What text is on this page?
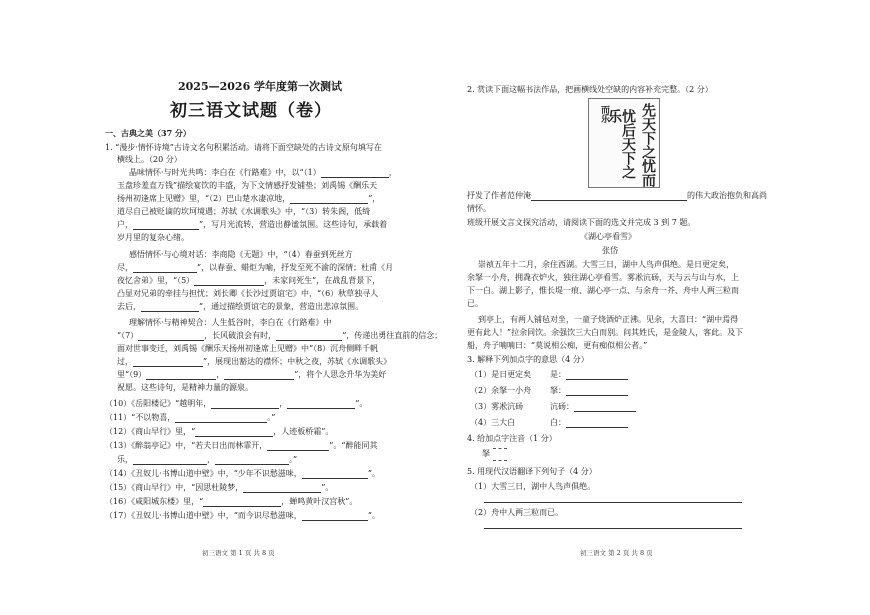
2025—2026 学年度第一次测试
初三语文试题（卷）
一、古典之美（37 分）
1. “漫步·情怀诗境”古诗文名句积累活动。请将下面空缺处的古诗文原句填写在
横线上。（20 分）
晶味情怀·与时光共鸣：李白在《行路难》中，以“（1）	，
玉盘珍羞直万钱”描绘宴饮的丰盛，为下文情感抒发铺垫；刘禹锡《酬乐天
扬州初逢席上见赠》里，“（2）巴山楚水凄凉地，	”，
道尽自己被贬谪的坎坷境遇；苏轼《水调歌头》中，“（3）转朱阁，低绮
户，	”，写月光流转，营造出静谧氛围。这些诗句，承载着
岁月里的复杂心绪。
感悟情怀·与心境对话：李商隐《无题》中，“（4）春蚕到死丝方
尽，	”，以春蚕、蜡炬为喻，抒发至死不渝的深情；杜甫《月
夜忆舍弟》里，“（5）	，未家问死生”，在战乱背景下，
凸显对兄弟的牵挂与担忧；刘长卿《长沙过贾谊宅》中，“（6）秋草独寻人
去后，	”，通过描绘贾谊宅的景象，营造出悲凉氛围。
理解情怀·与精神契合：人生低谷时，李白在《行路难》中
“（7）	，长风破浪会有时，	”，传递出勇往直前的信念；
面对世事变迁，刘禹锡《酬乐天扬州初逢席上见赠》中“（8）沉舟侧畔千帆
过，	”，展现出豁达的襟怀；中秋之夜，苏轼《水调歌头》
里“（9）	，	”，将个人思念升华为美好
祝愿。这些诗句，是精神力量的源泉。
（10）《岳阳楼记》“越明年，	，	”。
（11）“不以物喜，	。”
（12）《商山早行》里，“	，人迹板桥霜”。
（13）《醉翁亭记》中，“若夫日出而林霏开，	”。“醉能同其
乐，	，	。”
（14）《丑奴儿·书博山道中壁》中，“少年不识愁滋味，	”。
（15）《商山早行》中，“因思杜陵梦，	”。
（16）《咸阳城东楼》里，“	，蝉鸣黄叶汉宫秋”。
（17）《丑奴儿·书博山道中壁》中，“而今识尽愁滋味，	”。
初三语文 第 1 页 共 8 页
2. 赏读下面这幅书法作品，把画横线处空缺的内容补充完整。（2 分）
先天下之忧而
忧后天下之乐
而乐
抒发了作者范仲淹	的伟大政治抱负和高尚
情怀。
班级开展文言文探究活动，请阅读下面的选文并完成 3 到 7 题。
《湖心亭看雪》
张岱
崇祯五年十二月，余住西湖。大雪三日，湖中人鸟声俱绝。是日更定矣，
余拏一小舟，拥毳衣炉火，独往湖心亭看雪。雾凇沆砀，天与云与山与水，上
下一白。湖上影子，惟长堤一痕、湖心亭一点、与余舟一芥、舟中人两三粒而
已。
到亭上，有两人铺毡对坐，一童子烧酒炉正沸。见余，大喜曰：“湖中焉得
更有此人！”拉余同饮。余强饮三大白而别。问其姓氏，是金陵人，客此。及下
船，舟子喃喃曰：“莫说相公痴，更有痴似相公者。”
3. 解释下列加点字的意思（4 分）
（1）是日更定矣 是：
（2）余拏一小舟 拏：
（3）雾凇沆砀	沆砀：
（4）三大白	白：
4. 给加点字注音（1 分）
拏
5. 用现代汉语翻译下列句子（4 分）
（1）大雪三日，湖中人鸟声俱绝。
（2）舟中人两三粒而已。
初三语文 第 2 页 共 8 页
